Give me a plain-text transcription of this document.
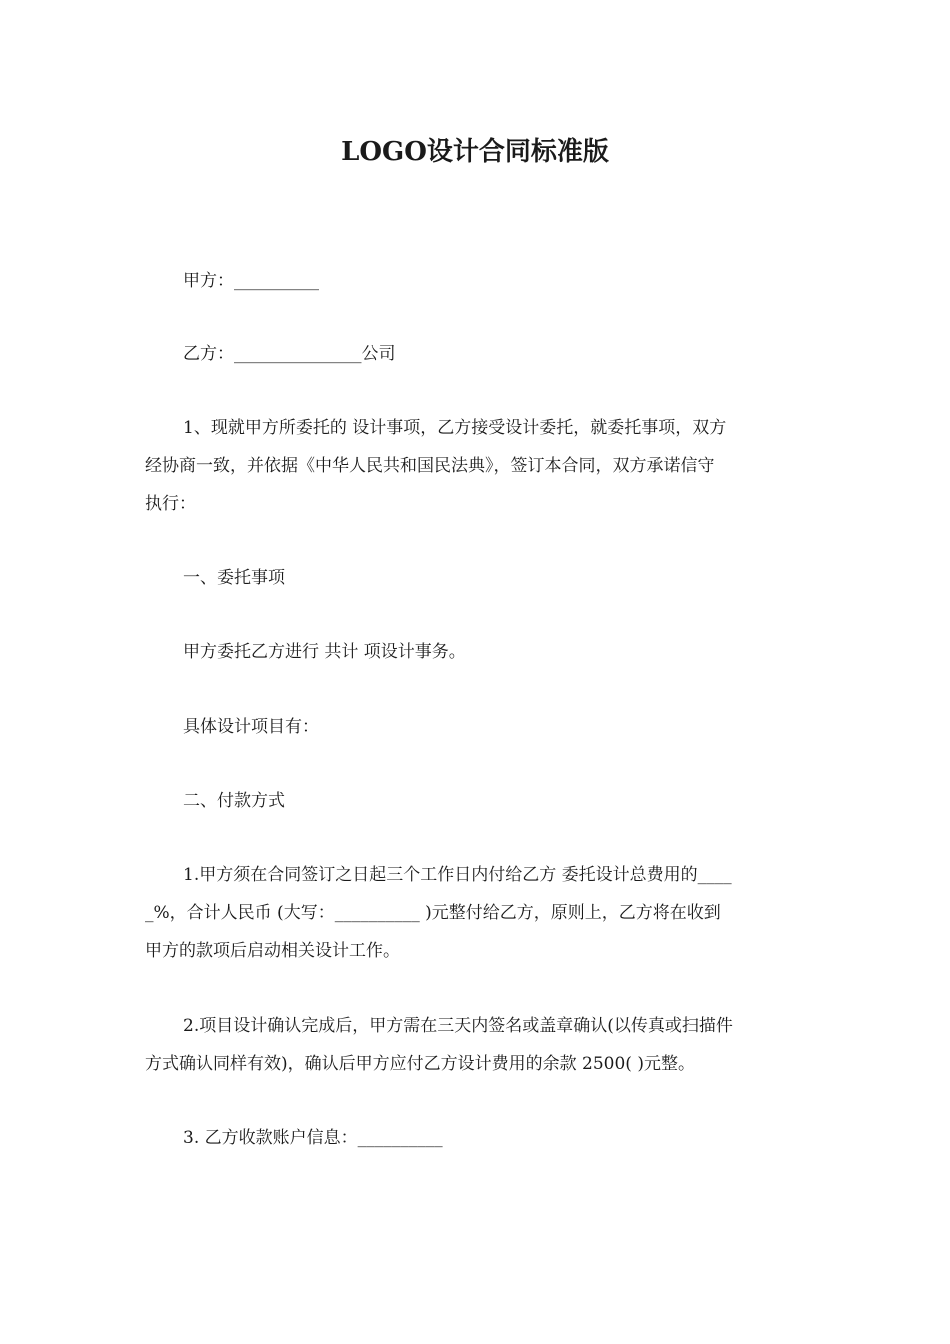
LOGO设计合同标准版
甲方：__________
乙方：_______________公司
1、现就甲方所委托的 设计事项，乙方接受设计委托，就委托事项，双方
经协商一致，并依据《中华人民共和国民法典》，签订本合同，双方承诺信守
执行：
一、委托事项
甲方委托乙方进行 共计 项设计事务。
具体设计项目有：
二、付款方式
1.甲方须在合同签订之日起三个工作日内付给乙方 委托设计总费用的____
_%，合计人民币 (大写：__________ )元整付给乙方，原则上，乙方将在收到
甲方的款项后启动相关设计工作。
2.项目设计确认完成后，甲方需在三天内签名或盖章确认(以传真或扫描件
方式确认同样有效)，确认后甲方应付乙方设计费用的余款 2500( )元整。
3. 乙方收款账户信息：__________
